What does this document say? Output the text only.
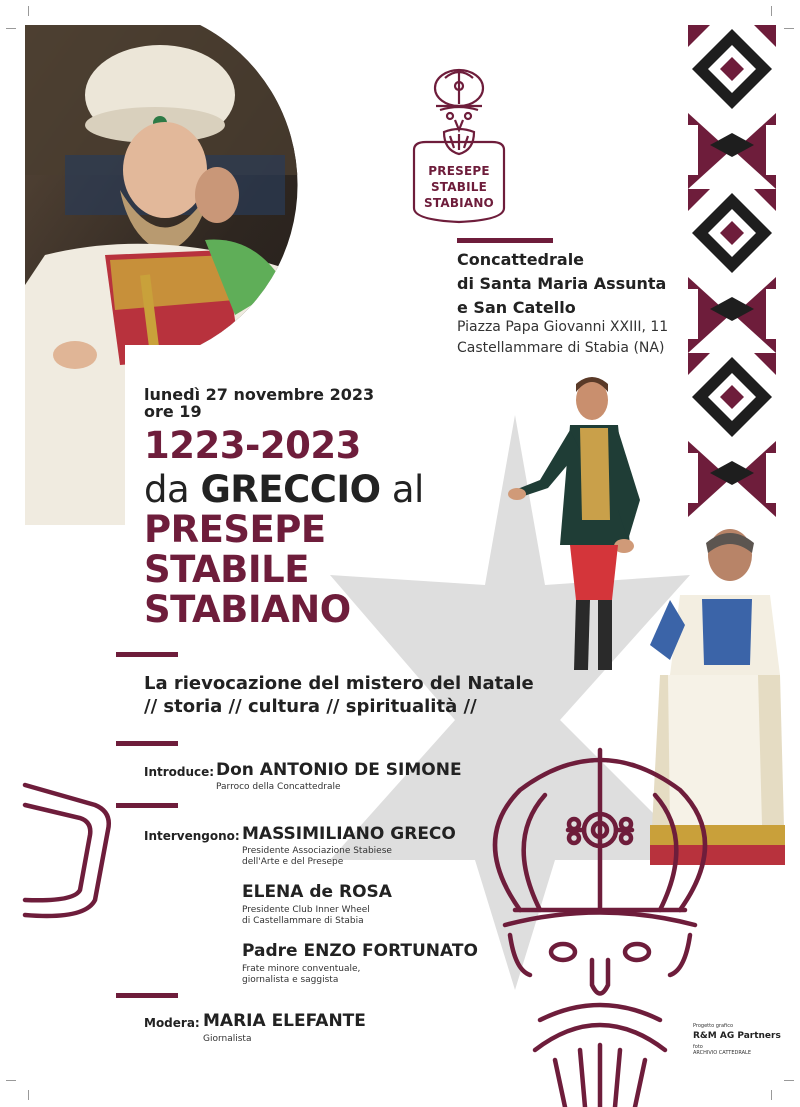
PRESEPE
STABILE
STABIANO
Concattedrale
di Santa Maria Assunta
e San Catello
Piazza Papa Giovanni XXIII, 11
Castellammare di Stabia (NA)
lunedì 27 novembre 2023
ore 19
1223-2023
da GRECCIO al
PRESEPE
STABILE
STABIANO
La rievocazione del mistero del Natale
// storia // cultura // spiritualità //
Introduce: Don ANTONIO DE SIMONE
Parroco della Concattedrale
Intervengono: MASSIMILIANO GRECO
Presidente Associazione Stabiese
dell'Arte e del Presepe
ELENA de ROSA
Presidente Club Inner Wheel
di Castellammare di Stabia
Padre ENZO FORTUNATO
Frate minore conventuale,
giornalista e saggista
Modera: MARIA ELEFANTE
Giornalista
Progetto grafico
R&M AG Partners
foto
ARCHIVIO CATTEDRALE
